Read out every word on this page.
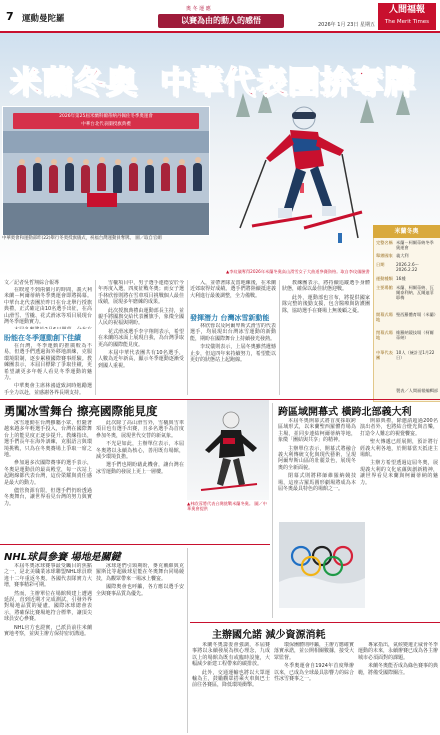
7 運動曼陀羅
奧 冬 運 應
以賽為由的動人的感悟	2026年 1月 23日 星期五
人間福報
The Merit Times
米蘭冬奧 中華代表團拚奪牌
2026年第25屆米蘭科爾蒂納丹佩佐冬季奧運會
中華台北代表團授旗典禮
中華奧會和運動部昨(22)舉行冬奧授旗儀式，祝福台灣運動員奪牌。 圖／取自官網
▲李玟儀奪得2026年米蘭冬奧高山滑雪女子大曲道參賽資格。取自李玟儀臉書
米蘭冬奧
完整名稱 米蘭－柯爾蒂納冬季奧運會
舉辦國家 義大利
日期	2026.2.6～2026.2.22
運動種類 16種
主要場館 米蘭、柯爾蒂納、瓦爾泰利納、瓦爾迪菲耶梅
開幕式場地聖西羅體育場（米蘭）
閉幕式場地維羅納競技場（柯爾蒂納）
中華代表團10人（統計至1月22日）
製表／人間福報編輯部
文／記者吳哲翔綜合報導

在睽違不到兩個月的時間，義大利米蘭－柯爾蒂納冬季奧運會即將揭幕。中華台北代表團於昨日在台北舉行授旗典禮，正式確定由10名選手出征，在高山滑雪、雪橇、花式滑冰等項目展現台灣冬季運動實力。

盼能在冬季運動創下佳績

在台灣，冬季運動的推廣較為不易，但選手們透過海外移地訓練，克服環境限制，逐步累積國際賽事經驗。教練團表示，本屆目標除了爭取佳績，更希望讓更多年輕人看見冬季運動的魅力。

中華奧會主席林鴻道致詞時勉勵選手全力以赴，並感謝各界長期支持。

雪橇項目中，男子選手連德安於今年再度入選，四度征戰冬奧；而女子選手林欣蓉則將在雪車項目挑戰個人最佳成績，展現多年磨練的成果。

此次授旗典禮由運動部長主持，並親手將國旗交給代表團旗手，象徵全國人民的祝福與期盼。

花式滑冰選手李宇翔則表示，希望在米蘭的冰面上展現自我，為台灣爭取更高的國際能見度。

本屆中華代表團共有10名選手，人數為近年新高，顯示冬季運動逐漸受到國人重視。

入，並帶著隊友當地練後，在米蘭近郊取得好成績。選手們將陸續抵達義大利進行最後調整，全力備戰。

發揮潛力 台灣冰雪新動能

林欣蓉以及阿爾卑斯式滑雪的代表選手，均展現出台灣冰雪運動的新動能，期盼在國際舞台上持續發光發熱。

李玟儀則表示，上屆冬奧雖然遺憾止步，但這四年來持續努力，希望能以更好的狀態站上起跑線。

教練團表示，將持續追蹤選手身體狀態，確保以最佳狀態迎戰。

此外，運動部也宣布，將提供國家隊完整的後勤支援，包含醫療與防護團隊，協助選手在賽場上無後顧之憂。

勇闖冰雪舞台 擦亮國際能見度

冰雪運動在台灣雖屬小眾，但隨著越來越多年輕選手投入，台灣在國際舞台上的能見度正逐步提升。教練指出，選手們長年在海外訓練，克服語言與環境挑戰，只為在冬奧賽場上爭取一席之地。

參加過多次國際賽事的選手表示，冬奧是運動員的最高殿堂，每一次站上起跑線都代表台灣，這份榮耀與責任感是最大的動力。

儘管資源有限，但選手們仍盼透過冬奧舞台，讓世界看見台灣的努力與實力。

此次除了高山滑雪外，雪橇與雪車項目也有選手出賽，且多名選手為首度參加冬奧，展現世代交替的新氣象。

不光是如此，主辦單位表示，本屆冬奧將以永續為核心，善用既有場館，減少環境負擔。

選手們也期盼藉此機會，讓台灣在冰雪運動的發展上更上一層樓。

▲林欣蓉將代表台灣挑戰米蘭冬奧。 圖／中華奧會提供
跨區域開幕式 橫跨北部義大利

本屆冬奧開幕式將首度採取跨區域形式，以米蘭聖西羅體育場為主場，並同步連結柯爾蒂納等地，象徵「團結與共享」的精神。

主辦單位表示，開幕式將融合義大利傳統文化與現代藝術，呈現阿爾卑斯山區的壯麗景色，展現冬奧的全新面貌。

閉幕式則將移師維羅納競技場，這座古羅馬圓形劇場將成為本屆冬奧最具特色的場館之一。

開幕典禮，除邀請超過200名演出者外，也將結合燈光與音樂，打造令人難忘的視覺饗宴。

聖火傳遞已經展開，預計將行經義大利各地，於開幕當天抵達主場館。

主辦方希望透過這屆冬奧，展現義大利的文化底蘊與創新精神，讓世界看見米蘭與柯爾蒂納的魅力。

NHL球員參賽 場地是關鍵

本屆冬奧冰球賽事最受矚目的焦點之一，是北美職業冰球聯盟NHL球員睽違十二年重返冬奧。各國代表隊實力大增，賽事精彩可期。

然而，主辦單位在場館興建上遭遇延誤，直到近期才完成測試，引發外界對場地品質的疑慮。國際冰球總會表示，將確保比賽場地符合標準，讓頂尖球員安心參賽。

NHL官方也證實，已派員前往米蘭實地考察，並與主辦方保持密切溝通。

冰球迷們引頸期盼，麥克戴維與克羅斯比等超級球星能在冬奧舞台同場競技，為觀眾帶來一場冰上饗宴。

國際奧會也呼籲，各方應以選手安全與賽事品質為優先。

主辦國允諾 減少資源消耗

米蘭冬奧籌委會強調，本屆賽事將以永續發展為核心理念，九成以上的場館為既有或臨時設施，大幅減少新建工程帶來的碳排放。

此外，交通運輸也將以大眾運輸為主，鼓勵觀眾搭乘火車與巴士前往各賽區，降低環境衝擊。

環保團體則呼籲，主辦方應確實落實承諾，並公開相關數據，接受大眾監督。

冬季奧運會自1924年首度舉辦以來，已成為全球最具影響力的綜合性冰雪賽事之一。

專家指出，氣候變遷正威脅冬季運動的未來，永續辦賽已成為各主辦城市必須面對的課題。

米蘭冬奧能否成為綠色賽事的典範，將備受國際關注。
